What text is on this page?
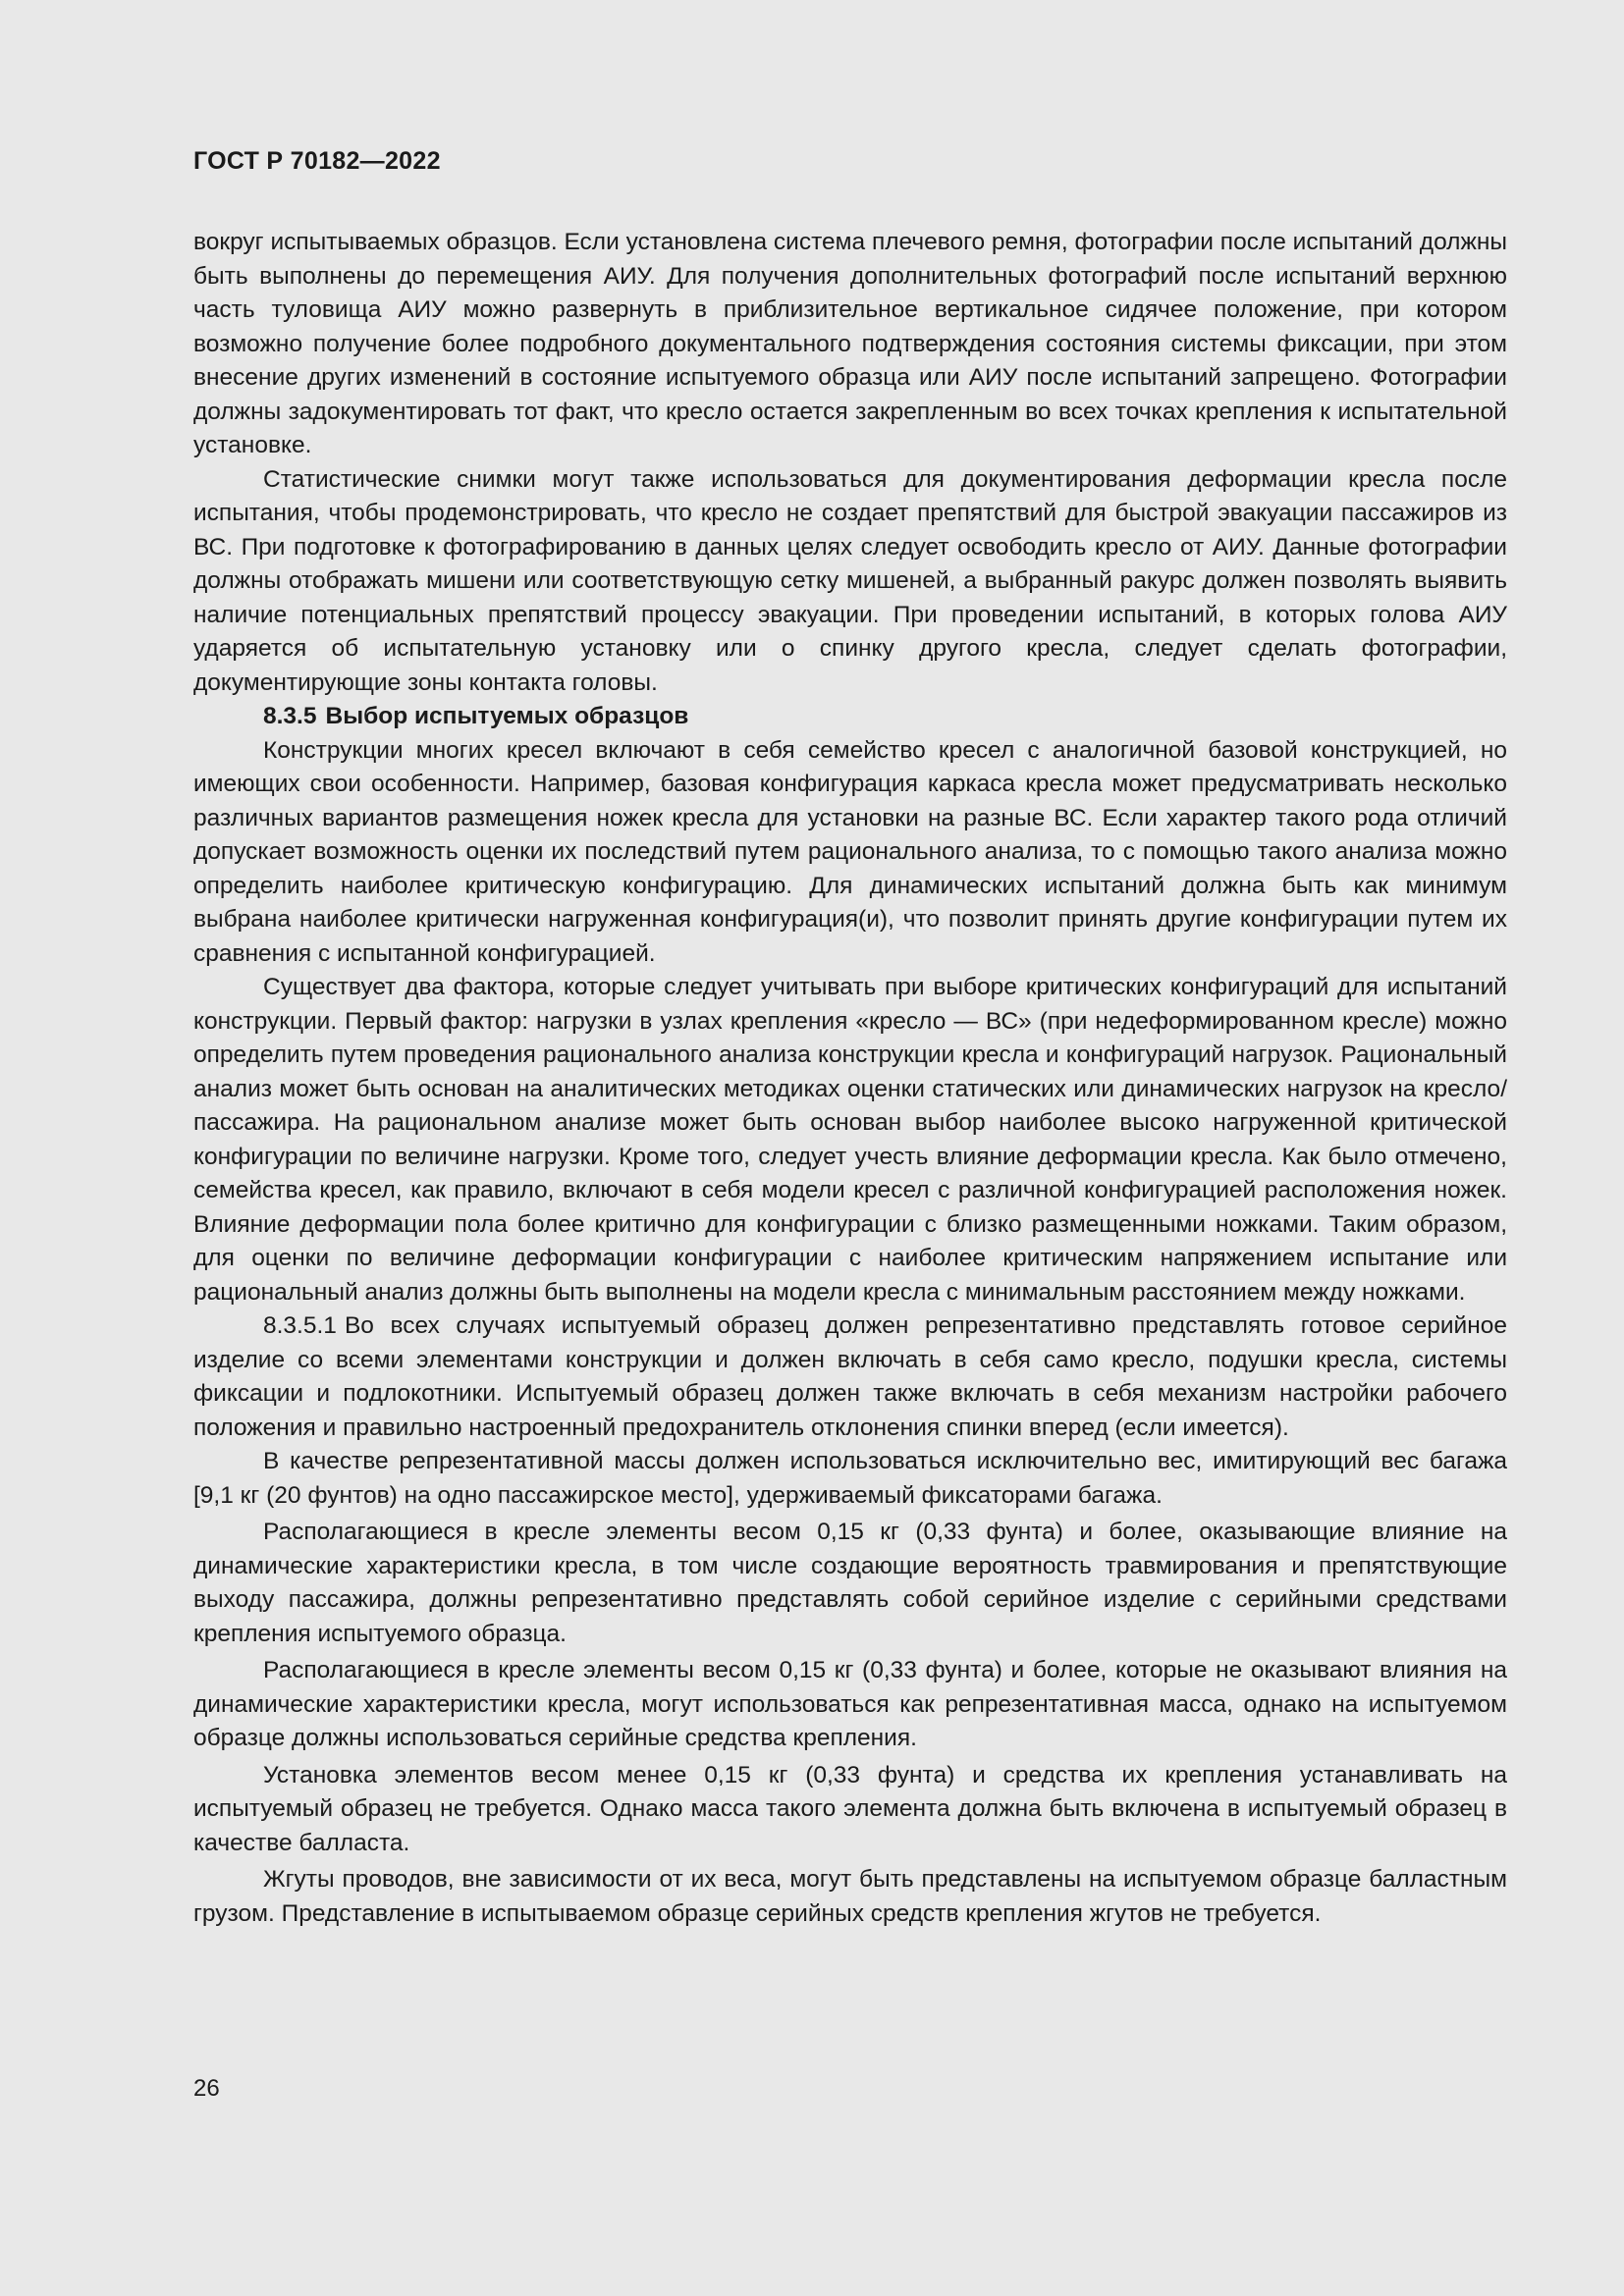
ГОСТ Р 70182—2022

вокруг испытываемых образцов. Если установлена система плечевого ремня, фотографии после испытаний должны быть выполнены до перемещения АИУ. Для получения дополнительных фотографий после испытаний верхнюю часть туловища АИУ можно развернуть в приблизительное вертикальное сидячее положение, при котором возможно получение более подробного документального подтверждения состояния системы фиксации, при этом внесение других изменений в состояние испытуемого образца или АИУ после испытаний запрещено. Фотографии должны задокументировать тот факт, что кресло остается закрепленным во всех точках крепления к испытательной установке.

Статистические снимки могут также использоваться для документирования деформации кресла после испытания, чтобы продемонстрировать, что кресло не создает препятствий для быстрой эвакуации пассажиров из ВС. При подготовке к фотографированию в данных целях следует освободить кресло от АИУ. Данные фотографии должны отображать мишени или соответствующую сетку мишеней, а выбранный ракурс должен позволять выявить наличие потенциальных препятствий процессу эвакуации. При проведении испытаний, в которых голова АИУ ударяется об испытательную установку или о спинку другого кресла, следует сделать фотографии, документирующие зоны контакта головы.

8.3.5 Выбор испытуемых образцов

Конструкции многих кресел включают в себя семейство кресел с аналогичной базовой конструкцией, но имеющих свои особенности. Например, базовая конфигурация каркаса кресла может предусматривать несколько различных вариантов размещения ножек кресла для установки на разные ВС. Если характер такого рода отличий допускает возможность оценки их последствий путем рационального анализа, то с помощью такого анализа можно определить наиболее критическую конфигурацию. Для динамических испытаний должна быть как минимум выбрана наиболее критически нагруженная конфигурация(и), что позволит принять другие конфигурации путем их сравнения с испытанной конфигурацией.

Существует два фактора, которые следует учитывать при выборе критических конфигураций для испытаний конструкции. Первый фактор: нагрузки в узлах крепления «кресло — ВС» (при недеформированном кресле) можно определить путем проведения рационального анализа конструкции кресла и конфигураций нагрузок. Рациональный анализ может быть основан на аналитических методиках оценки статических или динамических нагрузок на кресло/пассажира. На рациональном анализе может быть основан выбор наиболее высоко нагруженной критической конфигурации по величине нагрузки. Кроме того, следует учесть влияние деформации кресла. Как было отмечено, семейства кресел, как правило, включают в себя модели кресел с различной конфигурацией расположения ножек. Влияние деформации пола более критично для конфигурации с близко размещенными ножками. Таким образом, для оценки по величине деформации конфигурации с наиболее критическим напряжением испытание или рациональный анализ должны быть выполнены на модели кресла с минимальным расстоянием между ножками.

8.3.5.1 Во всех случаях испытуемый образец должен репрезентативно представлять готовое серийное изделие со всеми элементами конструкции и должен включать в себя само кресло, подушки кресла, системы фиксации и подлокотники. Испытуемый образец должен также включать в себя механизм настройки рабочего положения и правильно настроенный предохранитель отклонения спинки вперед (если имеется).

В качестве репрезентативной массы должен использоваться исключительно вес, имитирующий вес багажа [9,1 кг (20 фунтов) на одно пассажирское место], удерживаемый фиксаторами багажа.

Располагающиеся в кресле элементы весом 0,15 кг (0,33 фунта) и более, оказывающие влияние на динамические характеристики кресла, в том числе создающие вероятность травмирования и препятствующие выходу пассажира, должны репрезентативно представлять собой серийное изделие с серийными средствами крепления испытуемого образца.

Располагающиеся в кресле элементы весом 0,15 кг (0,33 фунта) и более, которые не оказывают влияния на динамические характеристики кресла, могут использоваться как репрезентативная масса, однако на испытуемом образце должны использоваться серийные средства крепления.

Установка элементов весом менее 0,15 кг (0,33 фунта) и средства их крепления устанавливать на испытуемый образец не требуется. Однако масса такого элемента должна быть включена в испытуемый образец в качестве балласта.

Жгуты проводов, вне зависимости от их веса, могут быть представлены на испытуемом образце балластным грузом. Представление в испытываемом образце серийных средств крепления жгутов не требуется.

26
